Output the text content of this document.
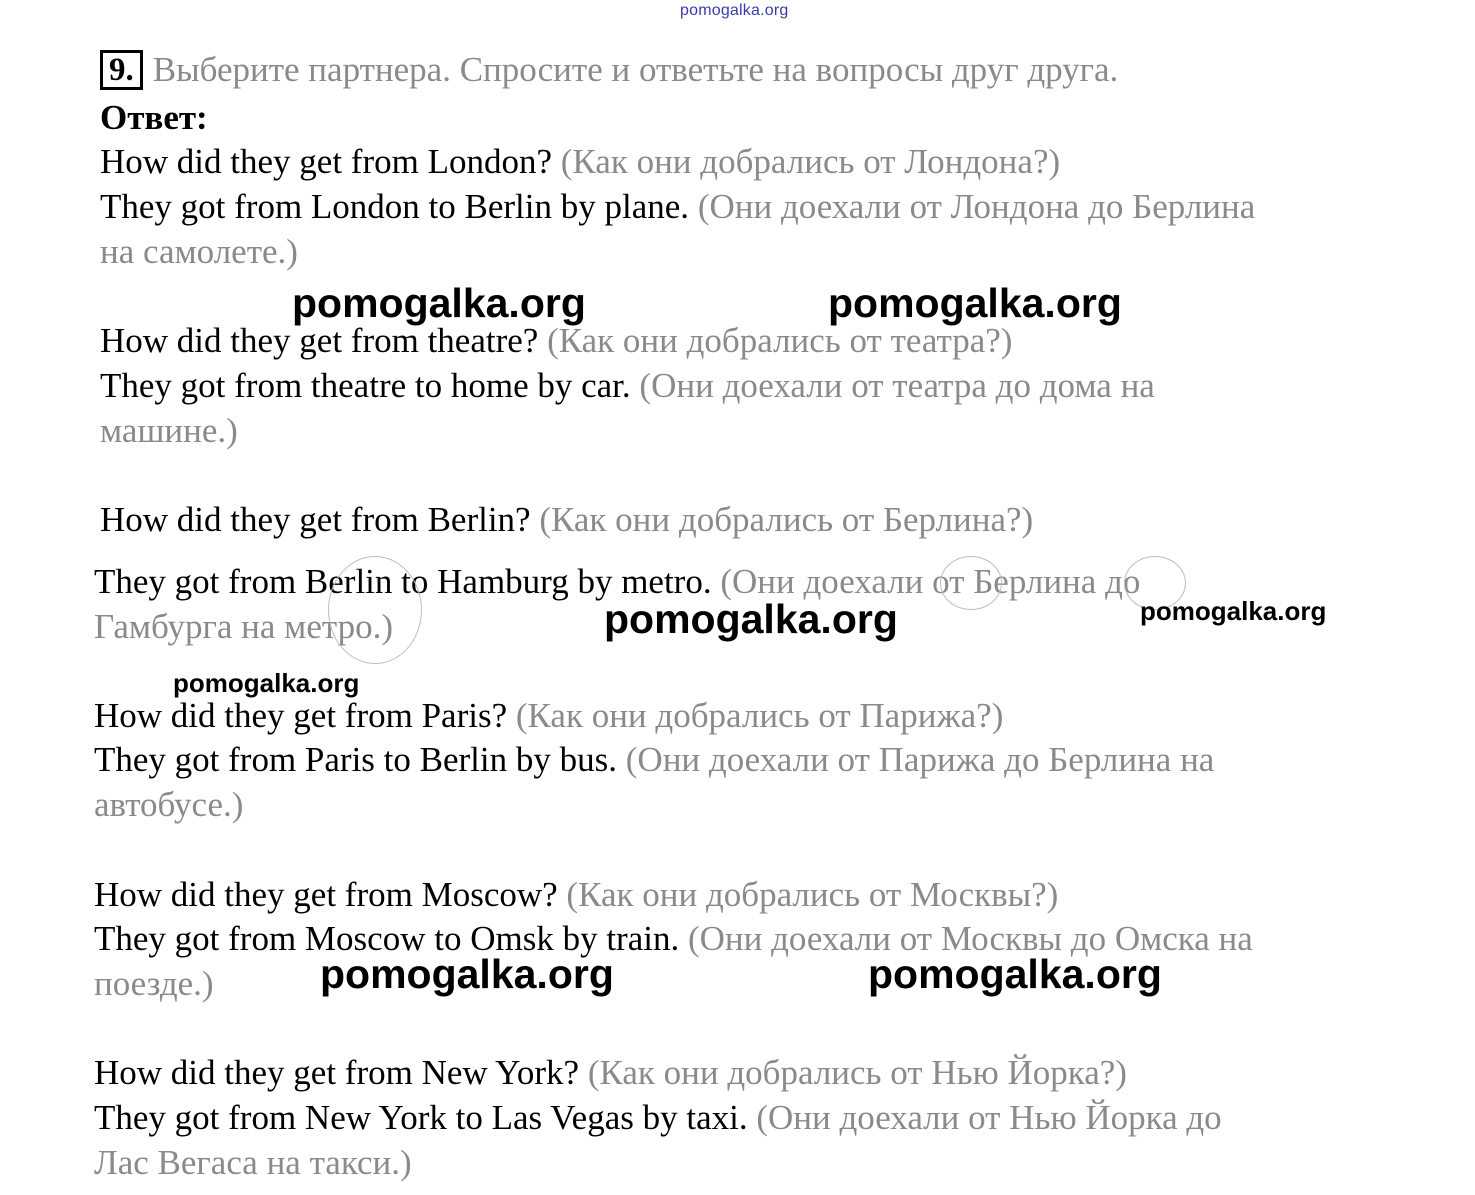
pomogalka.org
9. Выберите партнера. Спросите и ответьте на вопросы друг друга.
Ответ:
How did they get from London? (Как они добрались от Лондона?)
They got from London to Berlin by plane. (Они доехали от Лондона до Берлина
на самолете.)
How did they get from theatre? (Как они добрались от театра?)
They got from theatre to home by car. (Они доехали от театра до дома на
машине.)
How did they get from Berlin? (Как они добрались от Берлина?)
They got from Berlin to Hamburg by metro. (Они доехали от Берлина до
Гамбурга на метро.)
How did they get from Paris? (Как они добрались от Парижа?)
They got from Paris to Berlin by bus. (Они доехали от Парижа до Берлина на
автобусе.)
How did they get from Moscow? (Как они добрались от Москвы?)
They got from Moscow to Omsk by train. (Они доехали от Москвы до Омска на
поезде.)
How did they get from New York? (Как они добрались от Нью Йорка?)
They got from New York to Las Vegas by taxi. (Они доехали от Нью Йорка до
Лас Вегаса на такси.)
pomogalka.org	pomogalka.org
pomogalka.org	pomogalka.org
pomogalka.org
pomogalka.org	pomogalka.org
